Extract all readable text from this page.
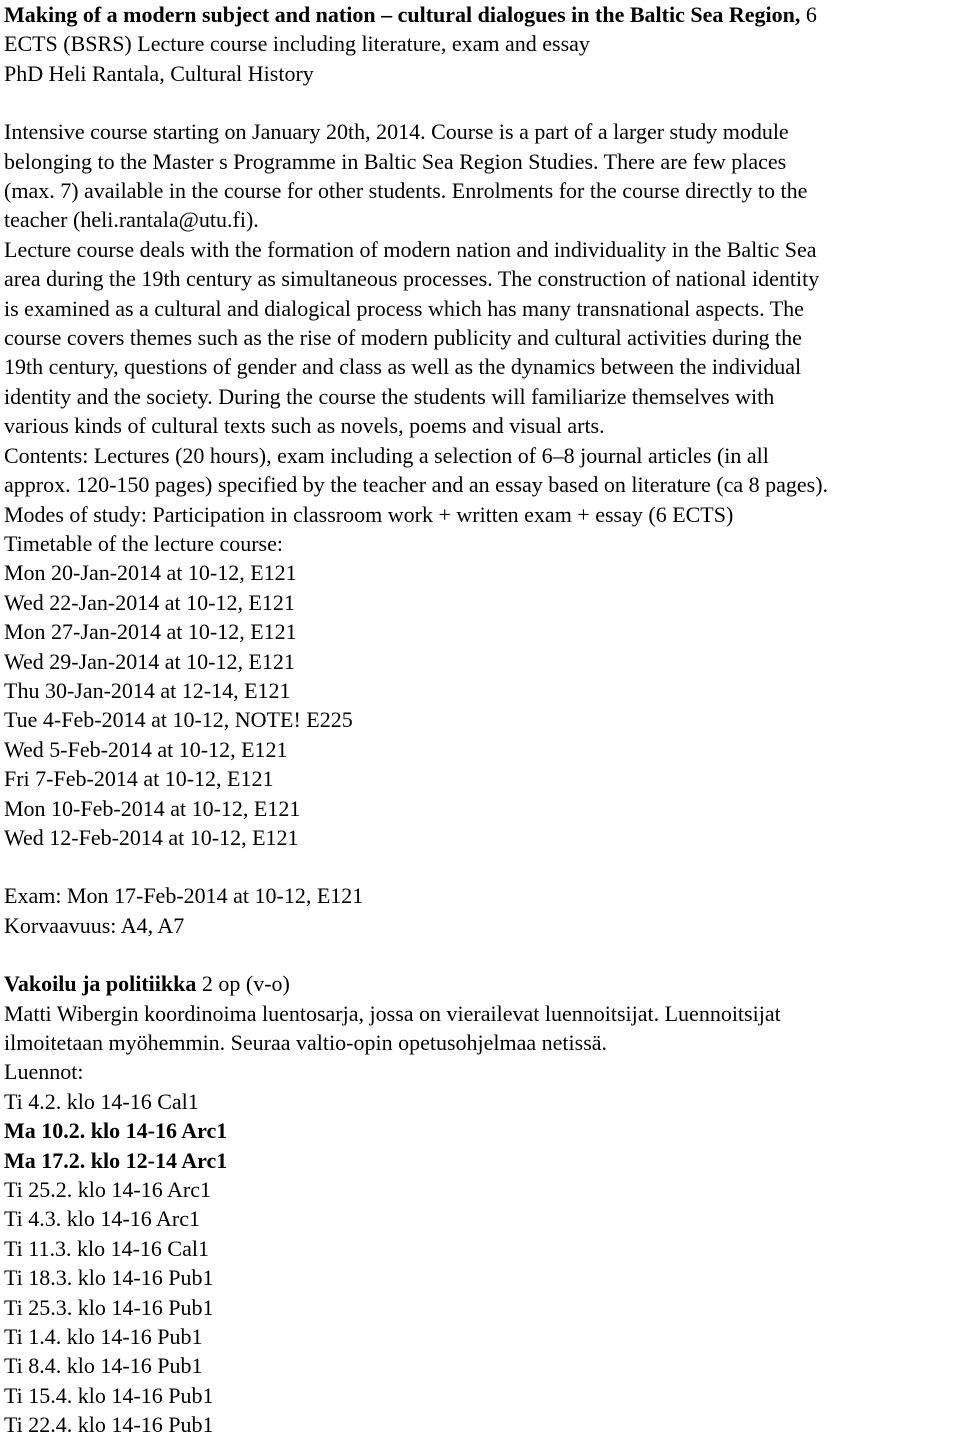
Making of a modern subject and nation – cultural dialogues in the Baltic Sea Region, 6
ECTS (BSRS) Lecture course including literature, exam and essay
PhD Heli Rantala, Cultural History
Intensive course starting on January 20th, 2014. Course is a part of a larger study module
belonging to the Master s Programme in Baltic Sea Region Studies. There are few places
(max. 7) available in the course for other students. Enrolments for the course directly to the
teacher (heli.rantala@utu.fi).
Lecture course deals with the formation of modern nation and individuality in the Baltic Sea
area during the 19th century as simultaneous processes. The construction of national identity
is examined as a cultural and dialogical process which has many transnational aspects. The
course covers themes such as the rise of modern publicity and cultural activities during the
19th century, questions of gender and class as well as the dynamics between the individual
identity and the society. During the course the students will familiarize themselves with
various kinds of cultural texts such as novels, poems and visual arts.
Contents: Lectures (20 hours), exam including a selection of 6–8 journal articles (in all
approx. 120-150 pages) specified by the teacher and an essay based on literature (ca 8 pages).
Modes of study: Participation in classroom work + written exam + essay (6 ECTS)
Timetable of the lecture course:
Mon 20-Jan-2014 at 10-12, E121
Wed 22-Jan-2014 at 10-12, E121
Mon 27-Jan-2014 at 10-12, E121
Wed 29-Jan-2014 at 10-12, E121
Thu 30-Jan-2014 at 12-14, E121
Tue 4-Feb-2014 at 10-12, NOTE! E225
Wed 5-Feb-2014 at 10-12, E121
Fri 7-Feb-2014 at 10-12, E121
Mon 10-Feb-2014 at 10-12, E121
Wed 12-Feb-2014 at 10-12, E121
Exam: Mon 17-Feb-2014 at 10-12, E121
Korvaavuus: A4, A7
Vakoilu ja politiikka 2 op (v-o)
Matti Wibergin koordinoima luentosarja, jossa on vierailevat luennoitsijat. Luennoitsijat
ilmoitetaan myöhemmin. Seuraa valtio-opin opetusohjelmaa netissä.
Luennot:
Ti 4.2. klo 14-16 Cal1
Ma 10.2. klo 14-16 Arc1
Ma 17.2. klo 12-14 Arc1
Ti 25.2. klo 14-16 Arc1
Ti 4.3. klo 14-16 Arc1
Ti 11.3. klo 14-16 Cal1
Ti 18.3. klo 14-16 Pub1
Ti 25.3. klo 14-16 Pub1
Ti 1.4. klo 14-16 Pub1
Ti 8.4. klo 14-16 Pub1
Ti 15.4. klo 14-16 Pub1
Ti 22.4. klo 14-16 Pub1
